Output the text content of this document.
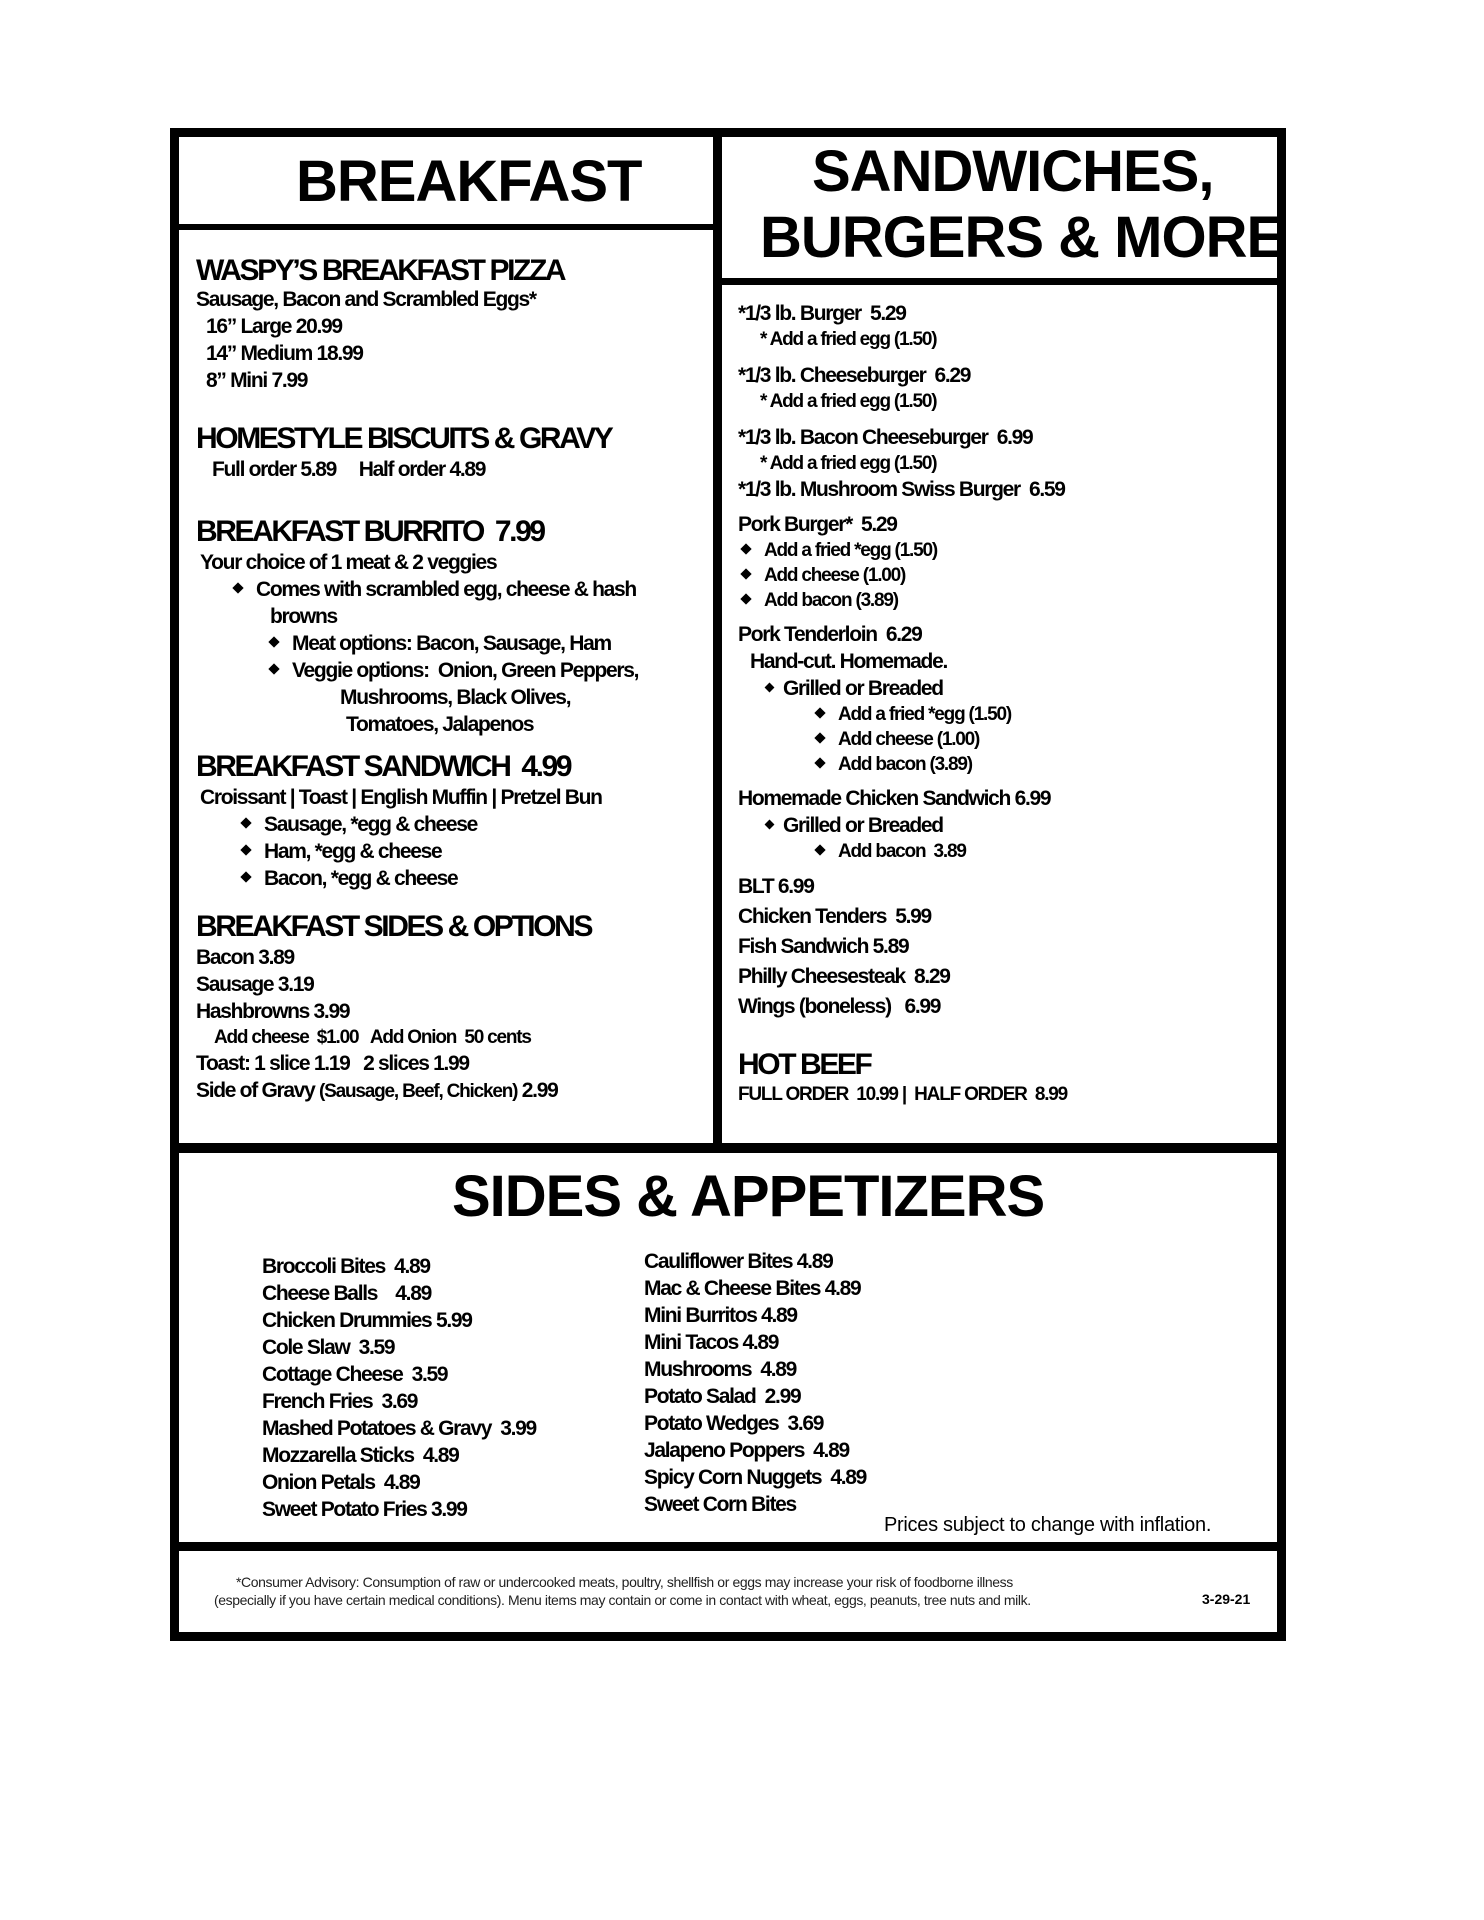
BREAKFAST
WASPY’S BREAKFAST PIZZA
Sausage, Bacon and Scrambled Eggs*
16” Large 20.99
14” Medium 18.99
8” Mini 7.99
HOMESTYLE BISCUITS & GRAVY
Full order 5.89     Half order 4.89
BREAKFAST BURRITO  7.99
Your choice of 1 meat & 2 veggies
Comes with scrambled egg, cheese & hash
browns
Meat options: Bacon, Sausage, Ham
Veggie options:  Onion, Green Peppers,
Mushrooms, Black Olives,
Tomatoes, Jalapenos
BREAKFAST SANDWICH  4.99
Croissant | Toast | English Muffin | Pretzel Bun
Sausage, *egg & cheese
Ham, *egg & cheese
Bacon, *egg & cheese
BREAKFAST SIDES & OPTIONS
Bacon 3.89
Sausage 3.19
Hashbrowns 3.99
Add cheese  $1.00   Add Onion  50 cents
Toast: 1 slice 1.19   2 slices 1.99
Side of Gravy (Sausage, Beef, Chicken) 2.99
SANDWICHES,
BURGERS & MORE
*1/3 lb. Burger  5.29
* Add a fried egg (1.50)
*1/3 lb. Cheeseburger  6.29
* Add a fried egg (1.50)
*1/3 lb. Bacon Cheeseburger  6.99
* Add a fried egg (1.50)
*1/3 lb. Mushroom Swiss Burger  6.59
Pork Burger*  5.29
Add a fried *egg (1.50)
Add cheese (1.00)
Add bacon (3.89)
Pork Tenderloin  6.29
Hand-cut. Homemade.
Grilled or Breaded
Add a fried *egg (1.50)
Add cheese (1.00)
Add bacon (3.89)
Homemade Chicken Sandwich 6.99
Grilled or Breaded
Add bacon  3.89
BLT 6.99
Chicken Tenders  5.99
Fish Sandwich 5.89
Philly Cheesesteak  8.29
Wings (boneless)   6.99
HOT BEEF
FULL ORDER  10.99 |  HALF ORDER  8.99
SIDES & APPETIZERS
Broccoli Bites  4.89
Cheese Balls    4.89
Chicken Drummies 5.99
Cole Slaw  3.59
Cottage Cheese  3.59
French Fries  3.69
Mashed Potatoes & Gravy  3.99
Mozzarella Sticks  4.89
Onion Petals  4.89
Sweet Potato Fries 3.99
Cauliflower Bites 4.89
Mac & Cheese Bites 4.89
Mini Burritos 4.89
Mini Tacos 4.89
Mushrooms  4.89
Potato Salad  2.99
Potato Wedges  3.69
Jalapeno Poppers  4.89
Spicy Corn Nuggets  4.89
Sweet Corn Bites
Prices subject to change with inflation.
*Consumer Advisory: Consumption of raw or undercooked meats, poultry, shellfish or eggs may increase your risk of foodborne illness
(especially if you have certain medical conditions). Menu items may contain or come in contact with wheat, eggs, peanuts, tree nuts and milk.	3-29-21
